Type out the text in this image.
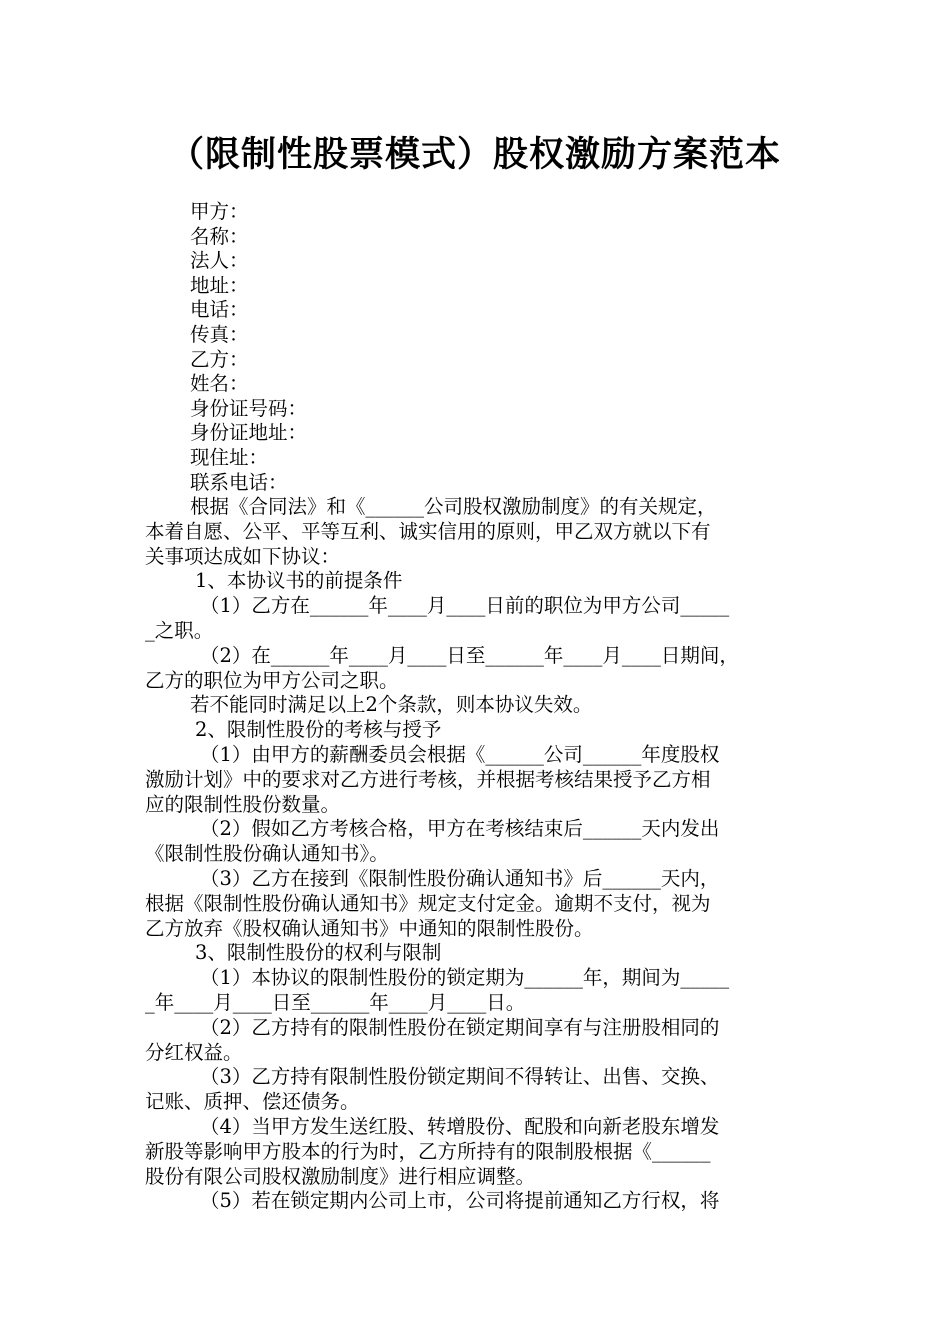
（限制性股票模式）股权激励方案范本
甲方：
名称：
法人：
地址：
电话：
传真：
乙方：
姓名：
身份证号码：
身份证地址：
现住址：
联系电话：
根据《合同法》和《______公司股权激励制度》的有关规定，
本着自愿、公平、平等互利、诚实信用的原则，甲乙双方就以下有
关事项达成如下协议：
1、本协议书的前提条件
（1）乙方在______年____月____日前的职位为甲方公司_____
_之职。
（2）在______年____月____日至______年____月____日期间，
乙方的职位为甲方公司之职。
若不能同时满足以上2个条款，则本协议失效。
2、限制性股份的考核与授予
（1）由甲方的薪酬委员会根据《______公司______年度股权
激励计划》中的要求对乙方进行考核，并根据考核结果授予乙方相
应的限制性股份数量。
（2）假如乙方考核合格，甲方在考核结束后______天内发出
《限制性股份确认通知书》。
（3）乙方在接到《限制性股份确认通知书》后______天内，
根据《限制性股份确认通知书》规定支付定金。逾期不支付，视为
乙方放弃《股权确认通知书》中通知的限制性股份。
3、限制性股份的权利与限制
（1）本协议的限制性股份的锁定期为______年，期间为_____
_年____月____日至______年____月____日。
（2）乙方持有的限制性股份在锁定期间享有与注册股相同的
分红权益。
（3）乙方持有限制性股份锁定期间不得转让、出售、交换、
记账、质押、偿还债务。
（4）当甲方发生送红股、转增股份、配股和向新老股东增发
新股等影响甲方股本的行为时，乙方所持有的限制股根据《______
股份有限公司股权激励制度》进行相应调整。
（5）若在锁定期内公司上市，公司将提前通知乙方行权，将
